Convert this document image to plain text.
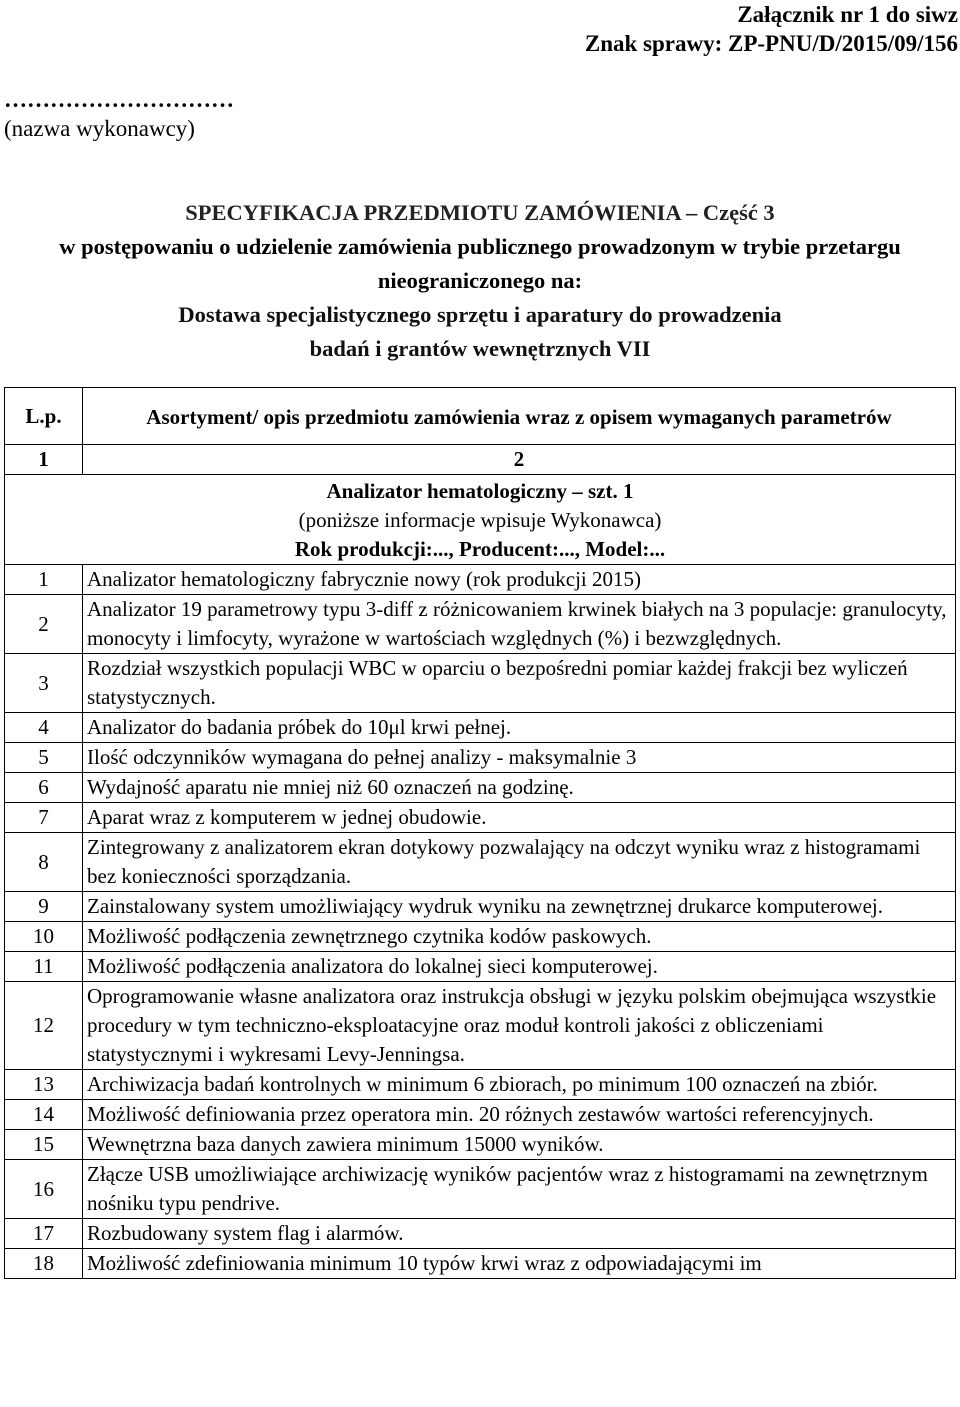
Załącznik nr 1 do siwz
Znak sprawy: ZP-PNU/D/2015/09/156
…………………………
(nazwa wykonawcy)
SPECYFIKACJA PRZEDMIOTU ZAMÓWIENIA – Część 3
w postępowaniu o udzielenie zamówienia publicznego prowadzonym w trybie przetargu
nieograniczonego na:
Dostawa specjalistycznego sprzętu i aparatury do prowadzenia
badań i grantów wewnętrznych VII
L.p.	Asortyment/ opis przedmiotu zamówienia wraz z opisem wymaganych parametrów
1	2

Analizator hematologiczny – szt. 1
(poniższe informacje wpisuje Wykonawca)
Rok produkcji:..., Producent:..., Model:...	

1	Analizator hematologiczny fabrycznie nowy (rok produkcji 2015)
2	Analizator 19 parametrowy typu 3-diff z różnicowaniem krwinek białych na 3 populacje: granulocyty, monocyty i limfocyty, wyrażone w wartościach względnych (%) i bezwzględnych.
3	Rozdział wszystkich populacji WBC w oparciu o bezpośredni pomiar każdej frakcji bez wyliczeń statystycznych.
4	Analizator do badania próbek do 10μl krwi pełnej.
5	Ilość odczynników wymagana do pełnej analizy - maksymalnie 3
6	Wydajność aparatu nie mniej niż 60 oznaczeń na godzinę.
7	Aparat wraz z komputerem w jednej obudowie.
8	Zintegrowany z analizatorem ekran dotykowy pozwalający na odczyt wyniku wraz z histogramami bez konieczności sporządzania.
9	Zainstalowany system umożliwiający wydruk wyniku na zewnętrznej drukarce komputerowej.
10	Możliwość podłączenia zewnętrznego czytnika kodów paskowych.
11	Możliwość podłączenia analizatora do lokalnej sieci komputerowej.
12	Oprogramowanie własne analizatora oraz instrukcja obsługi w języku polskim obejmująca wszystkie procedury w tym techniczno-eksploatacyjne oraz moduł kontroli jakości z obliczeniami statystycznymi i wykresami Levy-Jenningsa.
13	Archiwizacja badań kontrolnych w minimum 6 zbiorach, po minimum 100 oznaczeń na zbiór.
14	Możliwość definiowania przez operatora min. 20 różnych zestawów wartości referencyjnych.
15	Wewnętrzna baza danych zawiera minimum 15000 wyników.
16	Złącze USB umożliwiające archiwizację wyników pacjentów wraz z histogramami na zewnętrznym nośniku typu pendrive.
17	Rozbudowany system flag i alarmów.
18	Możliwość zdefiniowania minimum 10 typów krwi wraz z odpowiadającymi im
